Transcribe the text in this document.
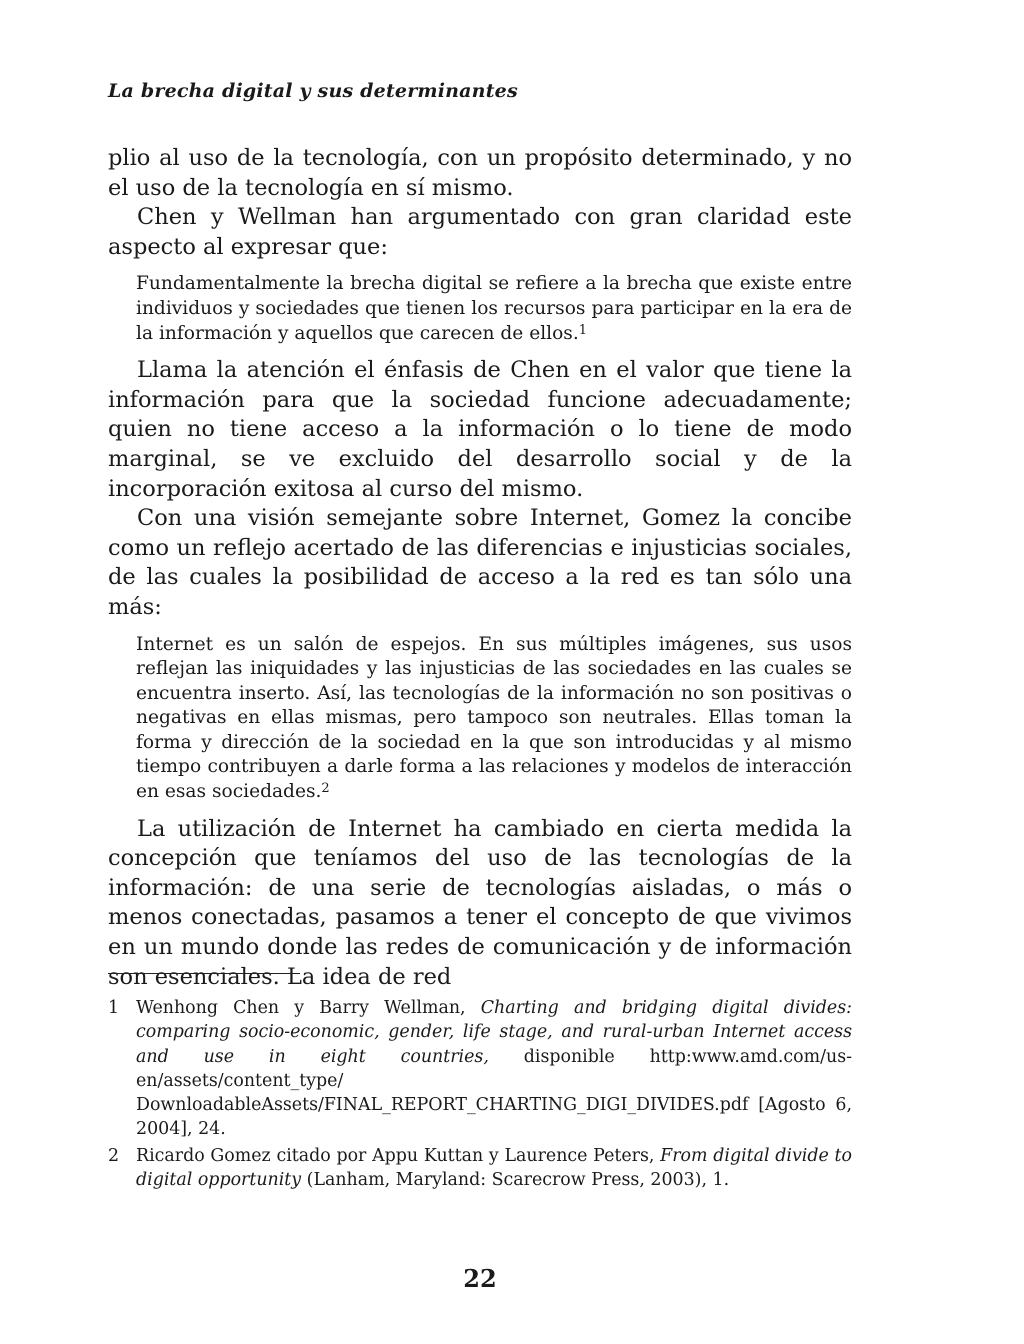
La brecha digital y sus determinantes

plio al uso de la tecnología, con un propósito determinado, y no el uso de la tecnología en sí mismo.

Chen y Wellman han argumentado con gran claridad este aspecto al expresar que:

Fundamentalmente la brecha digital se refiere a la brecha que existe entre individuos y sociedades que tienen los recursos para participar en la era de la información y aquellos que carecen de ellos.$^1$

Llama la atención el énfasis de Chen en el valor que tiene la información para que la sociedad funcione adecuadamente; quien no tiene acceso a la información o lo tiene de modo marginal, se ve excluido del desarrollo social y de la incorporación exitosa al curso del mismo.

Con una visión semejante sobre Internet, Gomez la concibe como un reflejo acertado de las diferencias e injusticias sociales, de las cuales la posibilidad de acceso a la red es tan sólo una más:

Internet es un salón de espejos. En sus múltiples imágenes, sus usos reflejan las iniquidades y las injusticias de las sociedades en las cuales se encuentra inserto. Así, las tecnologías de la información no son positivas o negativas en ellas mismas, pero tampoco son neutrales. Ellas toman la forma y dirección de la sociedad en la que son introducidas y al mismo tiempo contribuyen a darle forma a las relaciones y modelos de interacción en esas sociedades.$^2$

La utilización de Internet ha cambiado en cierta medida la concepción que teníamos del uso de las tecnologías de la información: de una serie de tecnologías aisladas, o más o menos conectadas, pasamos a tener el concepto de que vivimos en un mundo donde las redes de comunicación y de información son esenciales. La idea de red

1 Wenhong Chen y Barry Wellman, Charting and bridging digital divides: comparing socio-economic, gender, life stage, and rural-urban Internet access and use in eight countries, disponible http:www.amd.com/us-en/assets/content_type/ DownloadableAssets/FINAL_REPORT_CHARTING_DIGI_DIVIDES.pdf [Agosto 6, 2004], 24.

2 Ricardo Gomez citado por Appu Kuttan y Laurence Peters, From digital divide to digital opportunity (Lanham, Maryland: Scarecrow Press, 2003), 1.

22
